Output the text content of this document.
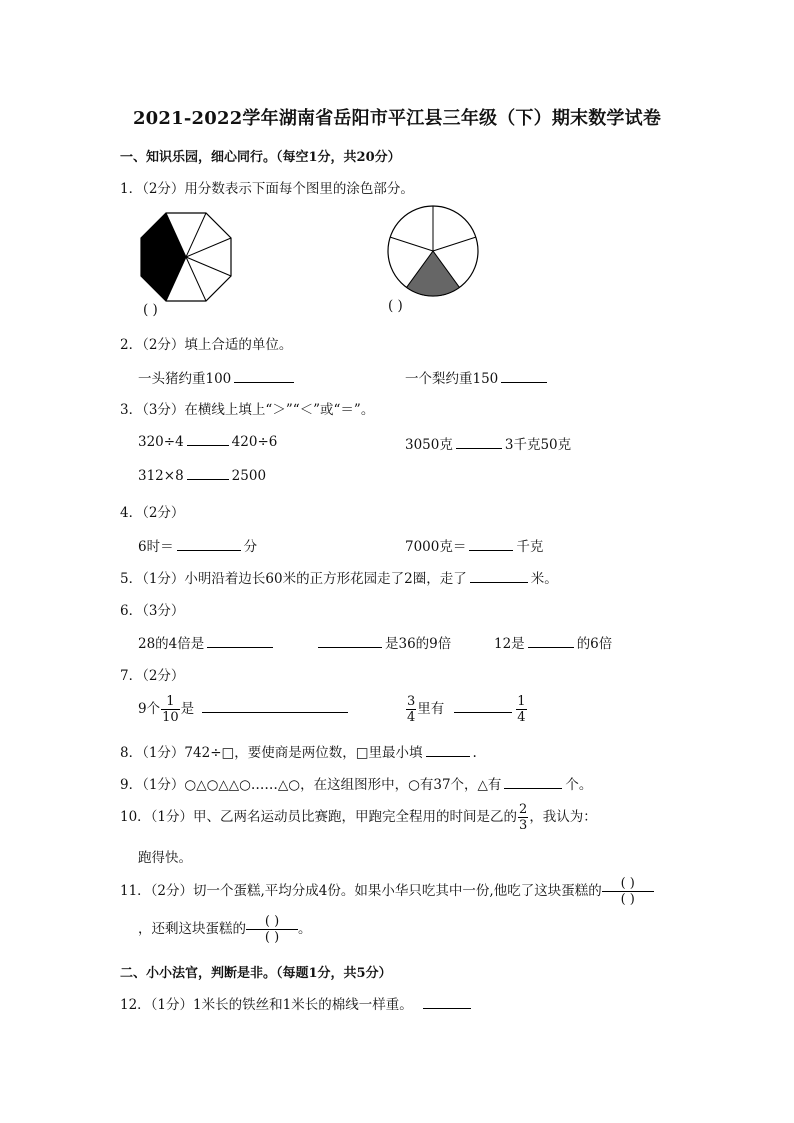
2021-2022学年湖南省岳阳市平江县三年级（下）期末数学试卷
一、知识乐园，细心同行。（每空1分，共20分）
1．（2分）用分数表示下面每个图里的涂色部分。
( )	( )
2．（2分）填上合适的单位。
一头猪约重100	一个梨约重150
3．（3分）在横线上填上“＞”“＜”或“＝”。
320÷4	420÷6	3050克	3千克50克
312×8	2500
4．（2分）
6时＝	分	7000克＝	千克
5．（1分）小明沿着边长60米的正方形花园走了2圈，走了	米。
6．（3分）
28的4倍是	是36的9倍	12是	的6倍
7．（2分）
9个 $\frac{1}{10}$ 是	$\frac{3}{4}$ 里有	$\frac{1}{4}$
8．（1分）742÷□，要使商是两位数，□里最小填	.
9．（1分）○△○△△○……△○，在这组图形中，○有37个，△有	个。
10．（1分）甲、乙两名运动员比赛跑，甲跑完全程用的时间是乙的 $\frac{2}{3}$ ，我认为：
跑得快。
11．（2分）切一个蛋糕,平均分成4份。如果小华只吃其中一份,他吃了这块蛋糕的 ( )
( )
，还剩这块蛋糕的 ( )
( )
。
二、小小法官，判断是非。（每题1分，共5分）
12．（1分）1米长的铁丝和1米长的棉线一样重。
